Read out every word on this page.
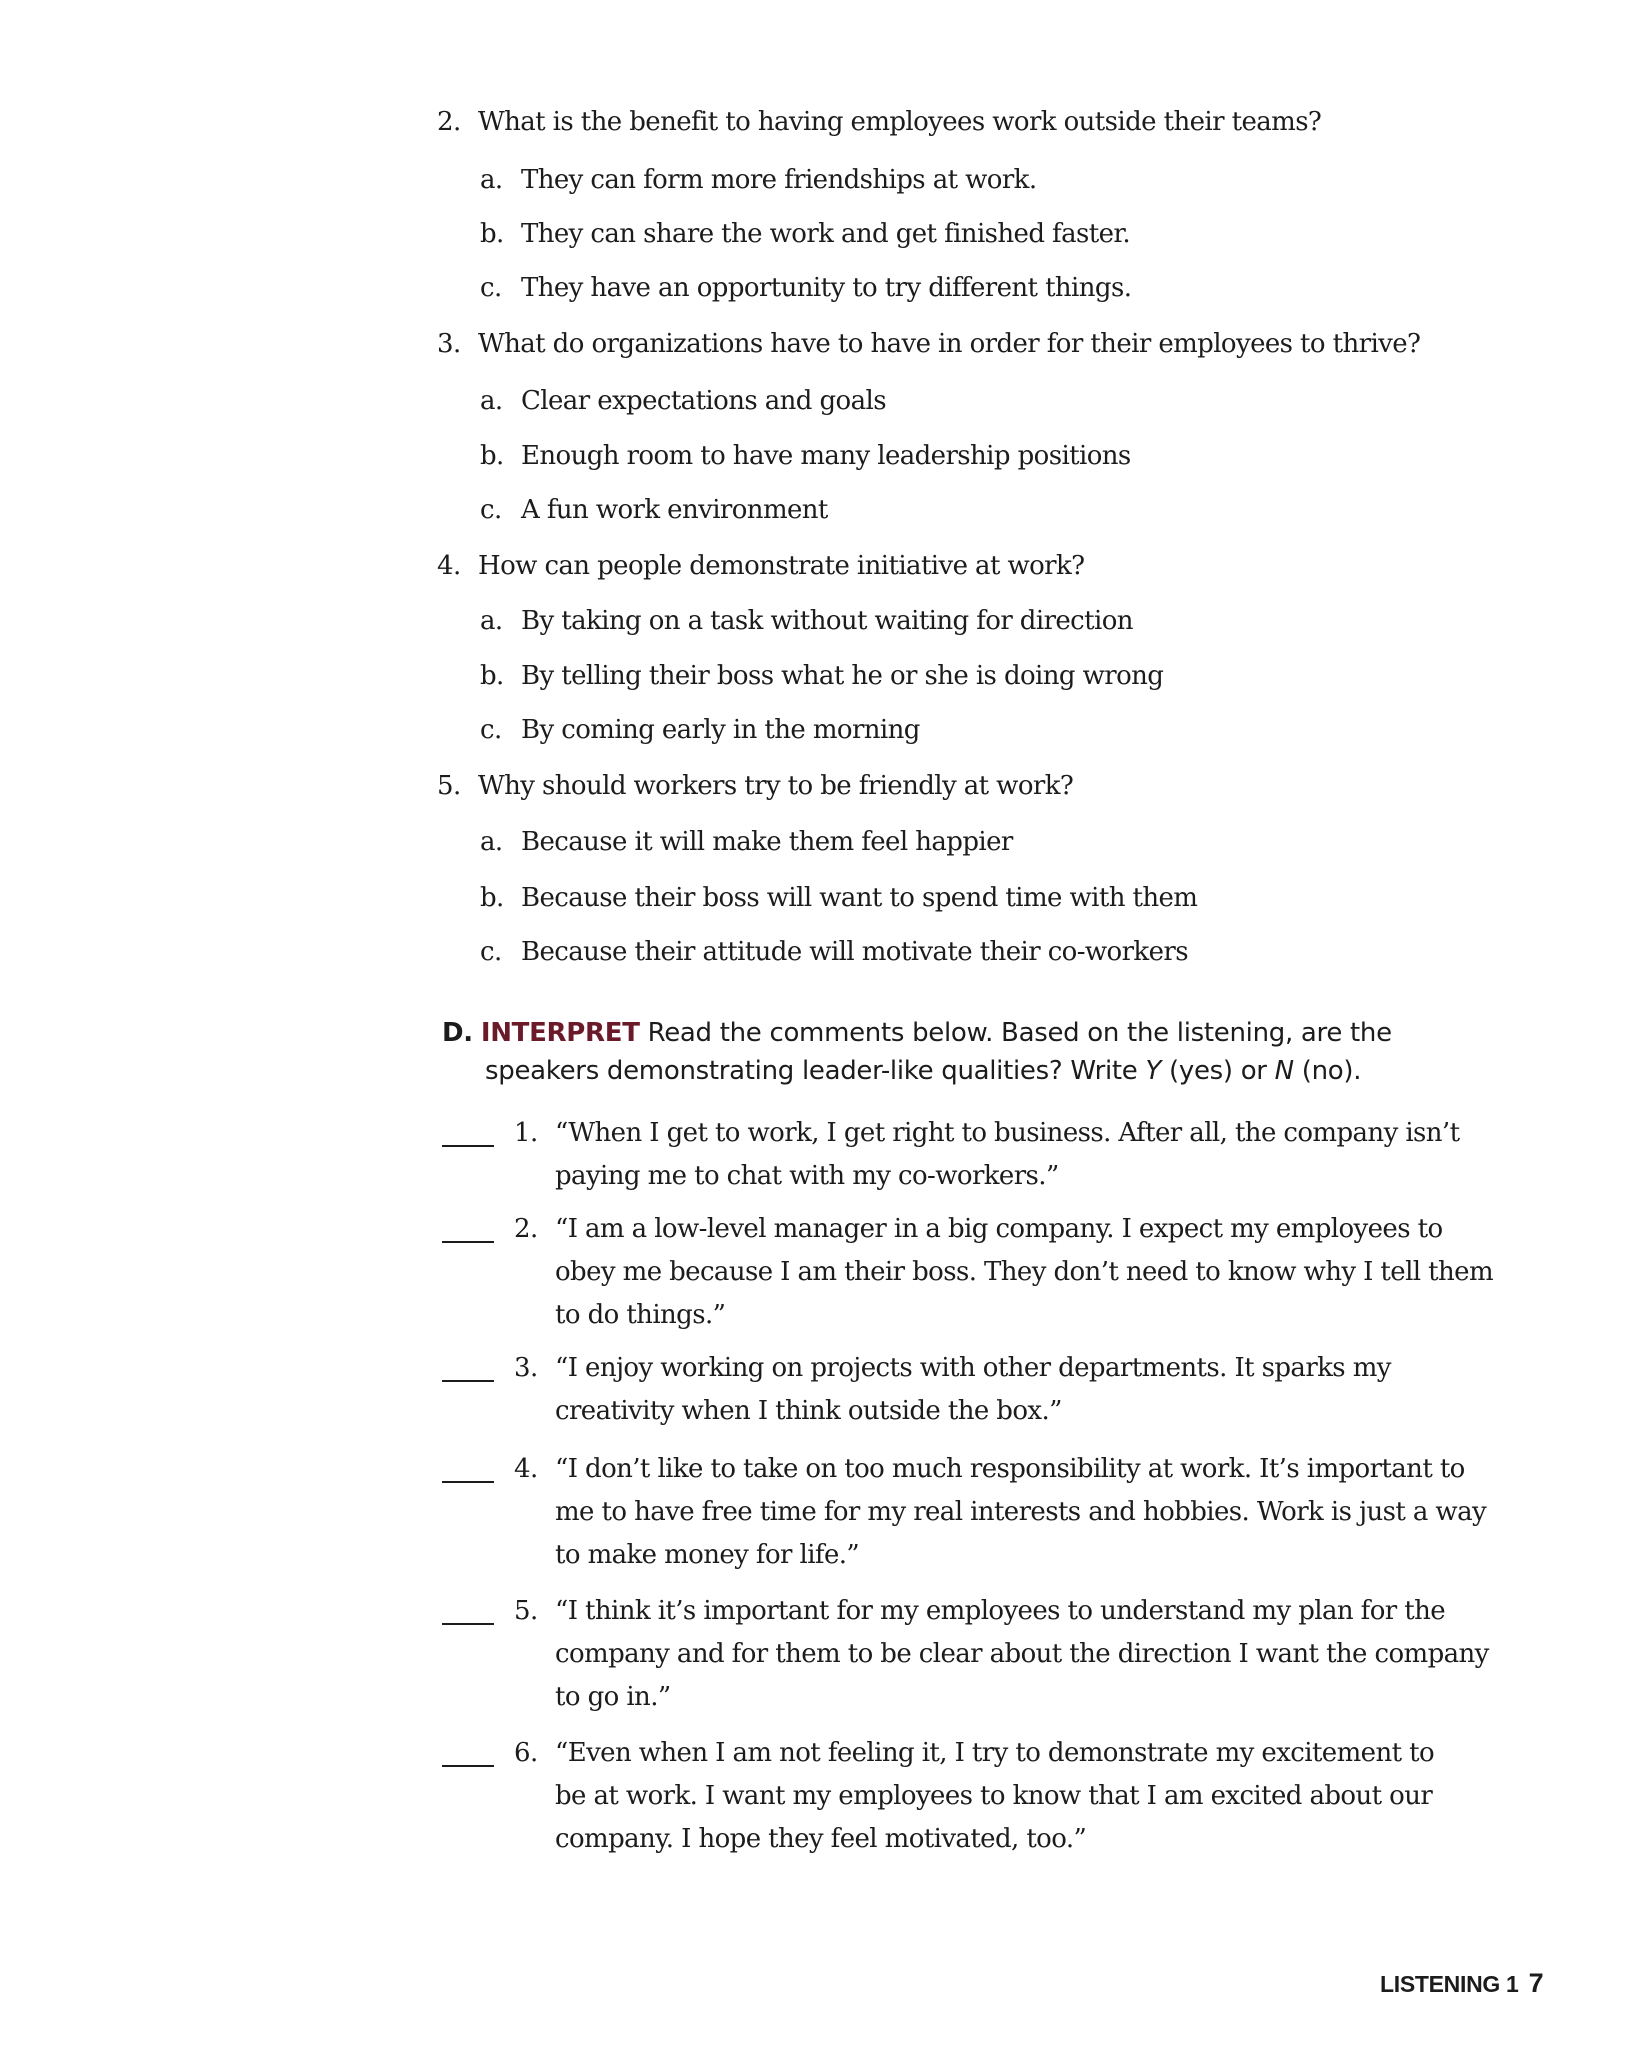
2. What is the benefit to having employees work outside their teams?
a. They can form more friendships at work.
b. They can share the work and get finished faster.
c. They have an opportunity to try different things.
3. What do organizations have to have in order for their employees to thrive?
a. Clear expectations and goals
b. Enough room to have many leadership positions
c. A fun work environment
4. How can people demonstrate initiative at work?
a. By taking on a task without waiting for direction
b. By telling their boss what he or she is doing wrong
c. By coming early in the morning
5. Why should workers try to be friendly at work?
a. Because it will make them feel happier
b. Because their boss will want to spend time with them
c. Because their attitude will motivate their co-workers
D. INTERPRET Read the comments below. Based on the listening, are the
speakers demonstrating leader-like qualities? Write Y (yes) or N (no).
1. “When I get to work, I get right to business. After all, the company isn’t
paying me to chat with my co-workers.”
2. “I am a low-level manager in a big company. I expect my employees to
obey me because I am their boss. They don’t need to know why I tell them
to do things.”
3. “I enjoy working on projects with other departments. It sparks my
creativity when I think outside the box.”
4. “I don’t like to take on too much responsibility at work. It’s important to
me to have free time for my real interests and hobbies. Work is just a way
to make money for life.”
5. “I think it’s important for my employees to understand my plan for the
company and for them to be clear about the direction I want the company
to go in.”
6. “Even when I am not feeling it, I try to demonstrate my excitement to
be at work. I want my employees to know that I am excited about our
company. I hope they feel motivated, too.”
LISTENING 1 7
